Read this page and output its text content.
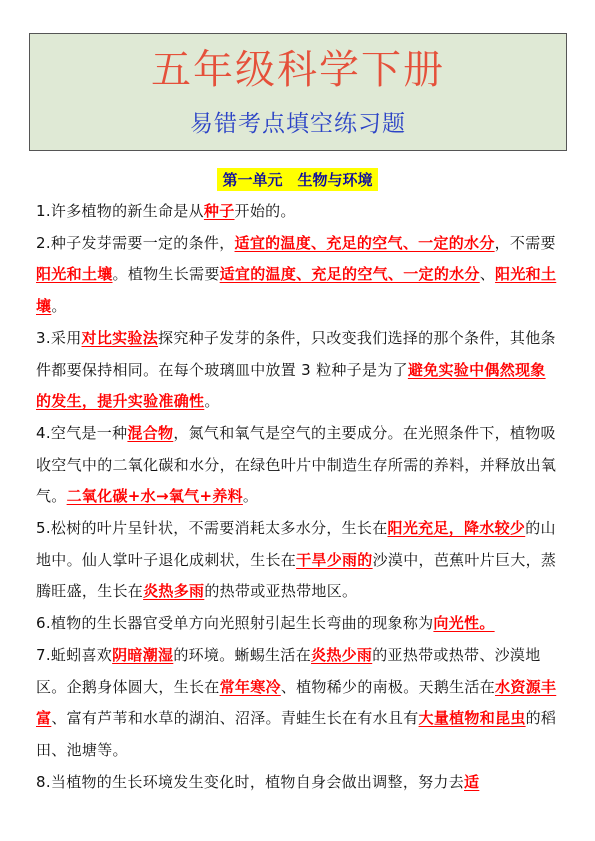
五年级科学下册
易错考点填空练习题
第一单元　生物与环境

1.许多植物的新生命是从种子开始的。

2.种子发芽需要一定的条件，适宜的温度、充足的空气、一定的水分，不需要阳光和土壤。植物生长需要适宜的温度、充足的空气、一定的水分、阳光和土壤。

3.采用对比实验法探究种子发芽的条件，只改变我们选择的那个条件，其他条件都要保持相同。在每个玻璃皿中放置 3 粒种子是为了避免实验中偶然现象的发生，提升实验准确性。

4.空气是一种混合物，氮气和氧气是空气的主要成分。在光照条件下，植物吸收空气中的二氧化碳和水分，在绿色叶片中制造生存所需的养料，并释放出氧气。二氧化碳+水→氧气+养料。

5.松树的叶片呈针状，不需要消耗太多水分，生长在阳光充足，降水较少的山地中。仙人掌叶子退化成刺状，生长在干旱少雨的沙漠中，芭蕉叶片巨大，蒸腾旺盛，生长在炎热多雨的热带或亚热带地区。

6.植物的生长器官受单方向光照射引起生长弯曲的现象称为向光性。

7.蚯蚓喜欢阴暗潮湿的环境。蜥蜴生活在炎热少雨的亚热带或热带、沙漠地区。企鹅身体圆大，生长在常年寒冷、植物稀少的南极。天鹅生活在水资源丰富、富有芦苇和水草的湖泊、沼泽。青蛙生长在有水且有大量植物和昆虫的稻田、池塘等。

8.当植物的生长环境发生变化时，植物自身会做出调整，努力去适
